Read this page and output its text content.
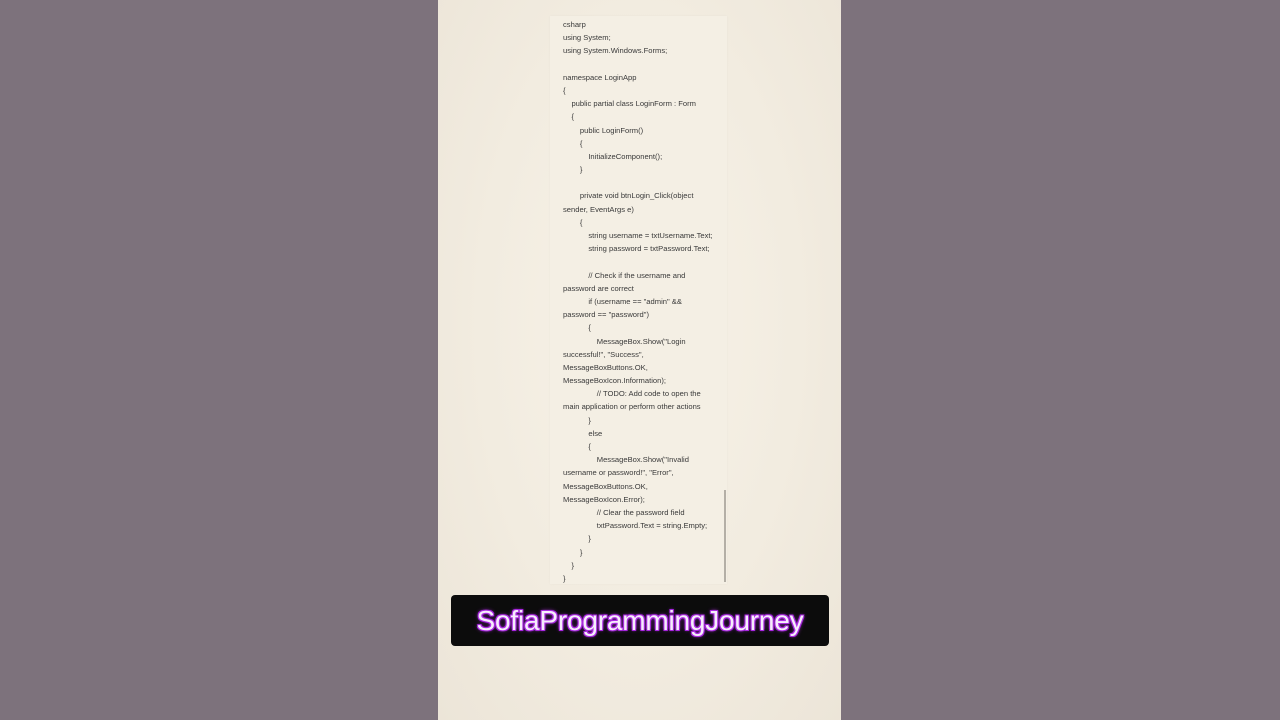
csharp
using System;
using System.Windows.Forms;
namespace LoginApp
{
public partial class LoginForm : Form
{
public LoginForm()
{
InitializeComponent();
}
private void btnLogin_Click(object
sender, EventArgs e)
{
string username = txtUsername.Text;
string password = txtPassword.Text;
// Check if the username and
password are correct
if (username == "admin" &&
password == "password")
{
MessageBox.Show("Login
successful!", "Success",
MessageBoxButtons.OK,
MessageBoxIcon.Information);
// TODO: Add code to open the
main application or perform other actions
}
else
{
MessageBox.Show("Invalid
username or password!", "Error",
MessageBoxButtons.OK,
MessageBoxIcon.Error);
// Clear the password field
txtPassword.Text = string.Empty;
}
}
}
}
SofiaProgrammingJourney
